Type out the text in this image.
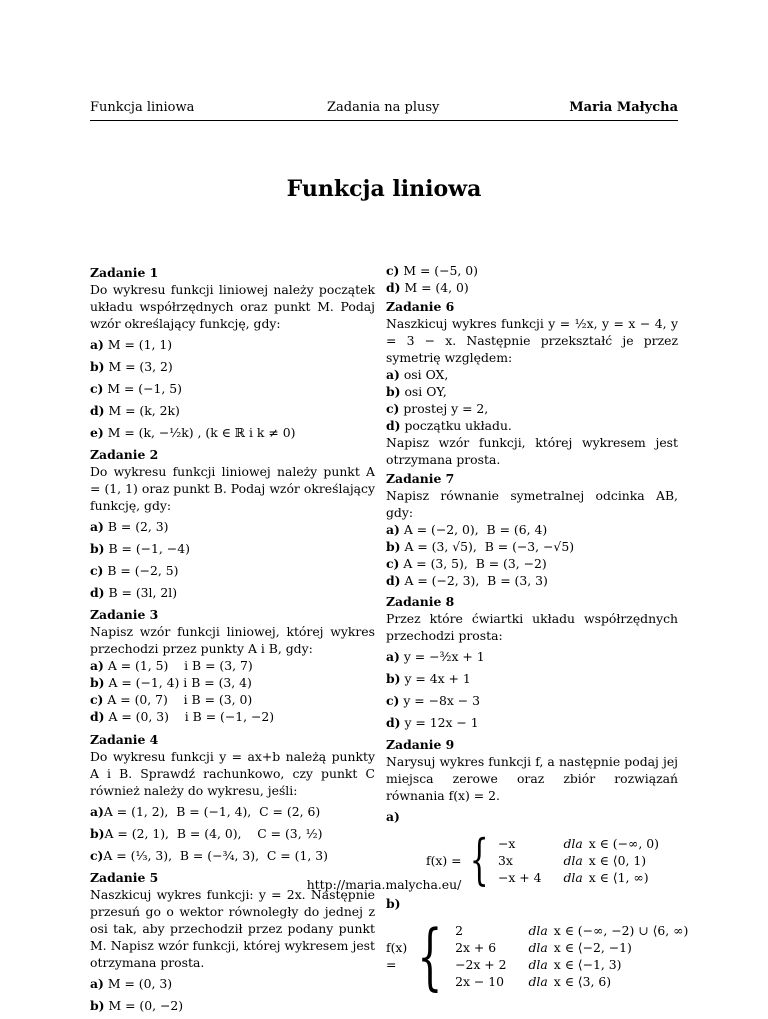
Funkcja liniowa	Zadania na plusy	Maria Małycha
Funkcja liniowa
Zadanie 1
Do wykresu funkcji liniowej należy początek układu współrzędnych oraz punkt M. Podaj wzór określający funkcję, gdy:
a) M = (1, 1)
b) M = (3, 2)
c) M = (−1, 5)
d) M = (k, 2k)
e) M = (k, −½k) , (k ∈ ℝ i k ≠ 0)
Zadanie 2
Do wykresu funkcji liniowej należy punkt A = (1, 1) oraz punkt B. Podaj wzór określający funkcję, gdy:
a) B = (2, 3)
b) B = (−1, −4)
c) B = (−2, 5)
d) B = (3l, 2l)
Zadanie 3
Napisz wzór funkcji liniowej, której wykres przechodzi przez punkty A i B, gdy:
a) A = (1, 5)    i B = (3, 7)
b) A = (−1, 4) i B = (3, 4)
c) A = (0, 7)    i B = (3, 0)
d) A = (0, 3)    i B = (−1, −2)
Zadanie 4
Do wykresu funkcji y = ax+b należą punkty A i B. Sprawdź rachunkowo, czy punkt C również należy do wykresu, jeśli:
a)A = (1, 2),  B = (−1, 4),  C = (2, 6)
b)A = (2, 1),  B = (4, 0),    C = (3, ½)
c)A = (⅓, 3),  B = (−¾, 3),  C = (1, 3)
Zadanie 5
Naszkicuj wykres funkcji: y = 2x. Następnie przesuń go o wektor równoległy do jednej z osi tak, aby przechodził przez podany punkt M. Napisz wzór funkcji, której wykresem jest otrzymana prosta.
a) M = (0, 3)
b) M = (0, −2)
c) M = (−5, 0)
d) M = (4, 0)
Zadanie 6
Naszkicuj wykres funkcji y = ½x, y = x − 4, y = 3 − x. Następnie przekształć je przez symetrię względem:
a) osi OX,
b) osi OY,
c) prostej y = 2,
d) początku układu.
Napisz wzór funkcji, której wykresem jest otrzymana prosta.
Zadanie 7
Napisz równanie symetralnej odcinka AB, gdy:
a) A = (−2, 0),  B = (6, 4)
b) A = (3, √5),  B = (−3, −√5)
c) A = (3, 5),  B = (3, −2)
d) A = (−2, 3),  B = (3, 3)
Zadanie 8
Przez które ćwiartki układu współrzędnych przechodzi prosta:
a) y = −³⁄₂x + 1
b) y = 4x + 1
c) y = −8x − 3
d) y = 12x − 1
Zadanie 9
Narysuj wykres funkcji f, a następnie podaj jej miejsca zerowe oraz zbiór rozwiązań równania f(x) = 2.
a)
f(x) = { −x	dla	x ∈ (−∞, 0)
3x	dla	x ∈ ⟨0, 1)
−x + 4	dla	x ∈ ⟨1, ∞)
b)
f(x) = { 2	dla	x ∈ (−∞, −2) ∪ ⟨6, ∞)
2x + 6	dla	x ∈ ⟨−2, −1)
−2x + 2	dla	x ∈ ⟨−1, 3)
2x − 10	dla	x ∈ ⟨3, 6)
http://maria.malycha.eu/
